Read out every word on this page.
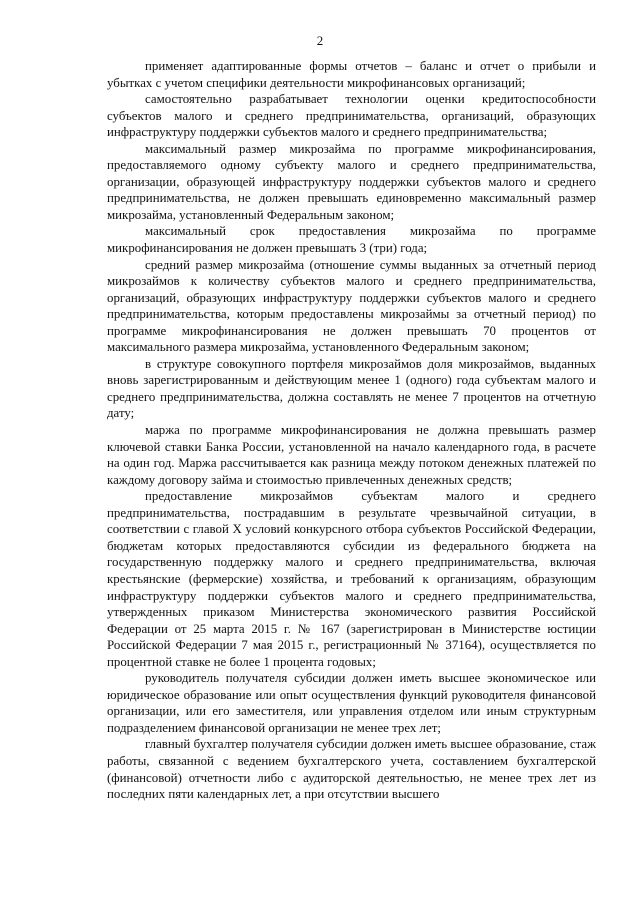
2

применяет адаптированные формы отчетов – баланс и отчет о прибыли и убытках с учетом специфики деятельности микрофинансовых организаций;

самостоятельно разрабатывает технологии оценки кредитоспособности субъектов малого и среднего предпринимательства, организаций, образующих инфраструктуру поддержки субъектов малого и среднего предпринимательства;

максимальный размер микрозайма по программе микрофинансирования, предоставляемого одному субъекту малого и среднего предпринимательства, организации, образующей инфраструктуру поддержки субъектов малого и среднего предпринимательства, не должен превышать единовременно максимальный размер микрозайма, установленный Федеральным законом;

максимальный срок предоставления микрозайма по программе микрофинансирования не должен превышать 3 (три) года;

средний размер микрозайма (отношение суммы выданных за отчетный период микрозаймов к количеству субъектов малого и среднего предпринимательства, организаций, образующих инфраструктуру поддержки субъектов малого и среднего предпринимательства, которым предоставлены микрозаймы за отчетный период) по программе микрофинансирования не должен превышать 70 процентов от максимального размера микрозайма, установленного Федеральным законом;

в структуре совокупного портфеля микрозаймов доля микрозаймов, выданных вновь зарегистрированным и действующим менее 1 (одного) года субъектам малого и среднего предпринимательства, должна составлять не менее 7 процентов на отчетную дату;

маржа по программе микрофинансирования не должна превышать размер ключевой ставки Банка России, установленной на начало календарного года, в расчете на один год. Маржа рассчитывается как разница между потоком денежных платежей по каждому договору займа и стоимостью привлеченных денежных средств;

предоставление микрозаймов субъектам малого и среднего предпринимательства, пострадавшим в результате чрезвычайной ситуации, в соответствии с главой X условий конкурсного отбора субъектов Российской Федерации, бюджетам которых предоставляются субсидии из федерального бюджета на государственную поддержку малого и среднего предпринимательства, включая крестьянские (фермерские) хозяйства, и требований к организациям, образующим инфраструктуру поддержки субъектов малого и среднего предпринимательства, утвержденных приказом Министерства экономического развития Российской Федерации от 25 марта 2015 г. № 167 (зарегистрирован в Министерстве юстиции Российской Федерации 7 мая 2015 г., регистрационный № 37164), осуществляется по процентной ставке не более 1 процента годовых;

руководитель получателя субсидии должен иметь высшее экономическое или юридическое образование или опыт осуществления функций руководителя финансовой организации, или его заместителя, или управления отделом или иным структурным подразделением финансовой организации не менее трех лет;

главный бухгалтер получателя субсидии должен иметь высшее образование, стаж работы, связанной с ведением бухгалтерского учета, составлением бухгалтерской (финансовой) отчетности либо с аудиторской деятельностью, не менее трех лет из последних пяти календарных лет, а при отсутствии высшего
